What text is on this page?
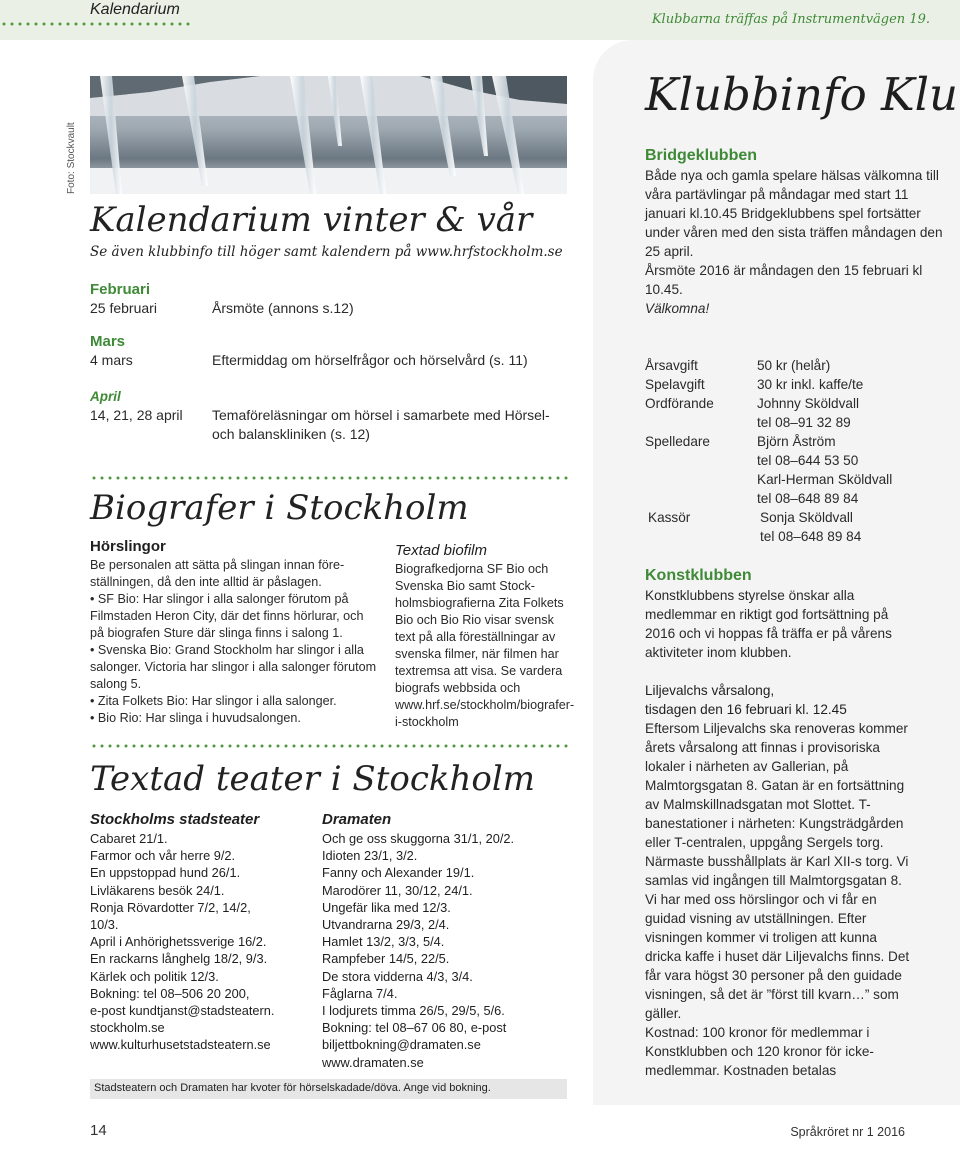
Kalendarium
Klubbarna träffas på Instrumentvägen 19.
Foto: Stockvault
Kalendarium vinter & vår
Se även klubbinfo till höger samt kalendern på www.hrfstockholm.se
Februari
25 februari	Årsmöte (annons s.12)
Mars
4 mars	Eftermiddag om hörselfrågor och hörselvård (s. 11)
April
14, 21, 28 april Temaföreläsningar om hörsel i samarbete med Hörsel- och balanskliniken (s. 12)
Biografer i Stockholm
Hörslingor

Be personalen att sätta på slingan innan föreställningen, då den inte alltid är påslagen.

• SF Bio: Har slingor i alla salonger förutom på Filmstaden Heron City, där det finns hörlurar, och på biografen Sture där slinga finns i salong 1.

• Svenska Bio: Grand Stockholm har slingor i alla salonger. Victoria har slingor i alla salonger förutom salong 5.

• Zita Folkets Bio: Har slingor i alla salonger.

• Bio Rio: Har slinga i huvudsalongen.

Textad biofilm
Biografkedjorna SF Bio och Svenska Bio samt Stockholmsbiografierna Zita Folkets Bio och Bio Rio visar svensk text på alla föreställningar av svenska filmer, när filmen har textremsa att visa. Se vardera biografs webbsida och www.hrf.se/stockholm/biografer-i-stockholm
Textad teater i Stockholm
Stockholms stadsteater
Cabaret 21/1.
Farmor och vår herre 9/2.
En uppstoppad hund 26/1.
Livläkarens besök 24/1.
Ronja Rövardotter 7/2, 14/2,
10/3.
April i Anhörighetssverige 16/2.
En rackarns långhelg 18/2, 9/3.
Kärlek och politik 12/3.
Bokning: tel 08–506 20 200,
e-post kundtjanst@stadsteatern.
stockholm.se
www.kulturhusetstadsteatern.se
Dramaten
Och ge oss skuggorna 31/1, 20/2.
Idioten 23/1, 3/2.
Fanny och Alexander 19/1.
Marodörer 11, 30/12, 24/1.
Ungefär lika med 12/3.
Utvandrarna 29/3, 2/4.
Hamlet 13/2, 3/3, 5/4.
Rampfeber 14/5, 22/5.
De stora vidderna 4/3, 3/4.
Fåglarna 7/4.
I lodjurets timma 26/5, 29/5, 5/6.
Bokning: tel 08–67 06 80, e-post
biljettbokning@dramaten.se
www.dramaten.se
Stadsteatern och Dramaten har kvoter för hörselskadade/döva. Ange vid bokning.
Klubbinfo Klu
Bridgeklubben

Både nya och gamla spelare hälsas välkomna till våra partävlingar på måndagar med start 11 januari kl.10.45 Bridgeklubbens spel fortsätter under våren med den sista träffen måndagen den 25 april.

Årsmöte 2016 är måndagen den 15 februari kl 10.45.

Välkomna!

Årsavgift	50 kr (helår)
Spelavgift	30 kr inkl. kaffe/te
Ordförande	Johnny Sköldvall
tel 08–91 32 89
Spelledare	Björn Åström
tel 08–644 53 50
Karl-Herman Sköldvall
tel 08–648 89 84
Kassör	Sonja Sköldvall
tel 08–648 89 84
Konstklubben
Konstklubbens styrelse önskar alla medlemmar en riktigt god fortsättning på 2016 och vi hoppas få träffa er på vårens aktiviteter inom klubben.
Liljevalchs vårsalong,
tisdagen den 16 februari kl. 12.45

Eftersom Liljevalchs ska renoveras kommer årets vårsalong att finnas i provisoriska lokaler i närheten av Gallerian, på Malmtorgsgatan 8. Gatan är en fortsättning av Malmskillnadsgatan mot Slottet. T-banestationer i närheten: Kungsträdgården eller T-centralen, uppgång Sergels torg. Närmaste busshållplats är Karl XII-s torg. Vi samlas vid ingången till Malmtorgsgatan 8.

Vi har med oss hörslingor och vi får en guidad visning av utställningen. Efter visningen kommer vi troligen att kunna dricka kaffe i huset där Liljevalchs finns. Det får vara högst 30 personer på den guidade visningen, så det är ”först till kvarn…” som gäller.

Kostnad: 100 kronor för medlemmar i Konstklubben och 120 kronor för icke-medlemmar. Kostnaden betalas

14	Språkröret nr 1 2016
